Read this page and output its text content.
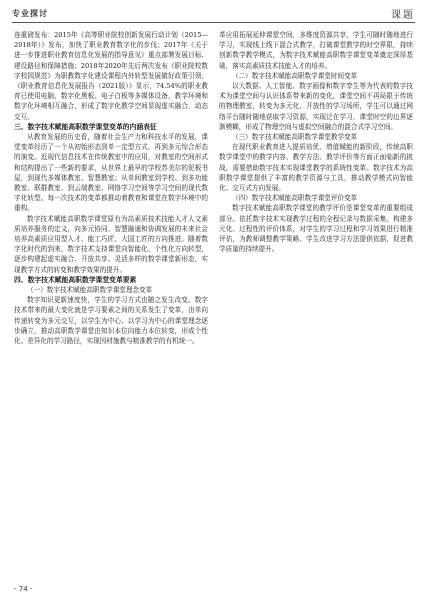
专业探讨	课题

连重磅发布：2015年《高等职业院校创新发展行动计划（2015—2018年）》发布，加快了职业教育数字化的步伐；2017年《关于进一步推进职业教育信息化发展的指导意见》重点部署发展目标、建设路径和保障措施；2018年2020年先后两次发布《职业院校数字校园规范》为职教数字化建设课程内外转型发展做好政策引领；《职业教育信息化发展报告（2021版）》显示，74.54%的职业教育已使用电脑、数字化黑板、电子白板等多媒体设备，教学环境和数字化环境相互融合，形成了数字化教学空间显现虚实融合，动态交互。

三、数字技术赋能高职数学课堂变革的内涵表征

从教育发展的历史看，随着社会生产力和科技水平的发展，课堂变革经历了一个从初始形态到单一定型方式，再到多元综合形态的演变。近现代信息技术在传统教室中的应用，对教室的空间形式和结构提出了一些新的要求，从世界上最早的学校苏美尔的泥板书屋，到现代多媒体教室、智慧教室；从单间教室到学校、到多功能教室、联群教室、到云端教室、网络学习空间等学习空间的现代数字化转型。每一次技术的变革都推动着教育和课堂在数字环境中的重构。

数字技术赋能高职数学课堂原有为高素质技术技能人才人文素质培养服务的定义，向多元协同、智慧融通和协调发展的未来社会培养高素质应用型人才、能工巧匠、大国工匠的方向推进。随着数字化时代的到来，数字技术支持课堂向智能化、个性化方向转型，逐步构建起虚实融合、开放共享、灵活多样的数学课堂新形态，实现教学方式的转变和教学效果的提升。

四、数字技术赋能高职数学课堂变革要素

（一）数字技术赋能高职数学课堂理念变革

数字知识更新速度快，学生的学习方式也随之发生改变。数字技术带来的最大变化就是学习要素之间的关系发生了变革，由单向传递转变为多元交互，以学生为中心、以学习为中心的课堂理念逐步确立，推动高职数学课堂由知识本位向能力本位转变，形成个性化、差异化的学习路径，实现因材施教与精准教学的有机统一。

革应用拓展延伸课堂空间，多维度资源共享，学生可随时随地进行学习，实现线上线下混合式教学，打破课堂教学的时空界限，持续创新数学教学模式，为数字技术赋能高职数学课堂变革奠定深厚基础，落实高素质技术技能人才的培养。

（二）数字技术赋能高职数学课堂时间变革

以大数据、人工智能、数字画像和数字孪生等为代表的数字技术为课堂空间与认识体系带来新的变化，课堂空间不再局限于传统的物理教室，转变为多元化、开放性的学习场所，学生可以通过网络平台随时随地获取学习资源，实现泛在学习，课堂时空的边界逐渐模糊，形成了物理空间与虚拟空间融合的混合式学习空间。

（三）数字技术赋能高职数学课堂教学变革

在现代职业教育进入提质培优、增值赋能的新阶段，传统高职数学课堂中的教学内容、教学方法、教学评价等方面正面临新的挑战，需要借助数字技术实现课堂教学的系统性变革。数字技术为高职数学课堂提供了丰富的教学资源与工具，推动教学模式向智能化、交互式方向发展。

（四）数字技术赋能高职数学课堂评价变革

数字技术赋能高职数学课堂的教学评价是课堂变革的重要组成部分。依托数字技术实现教学过程的全程记录与数据采集，构建多元化、过程性的评价体系，对学生的学习过程和学习效果进行精准评估，为教师调整教学策略、学生改进学习方法提供依据，促进教学质量的持续提升。

- 74 -
